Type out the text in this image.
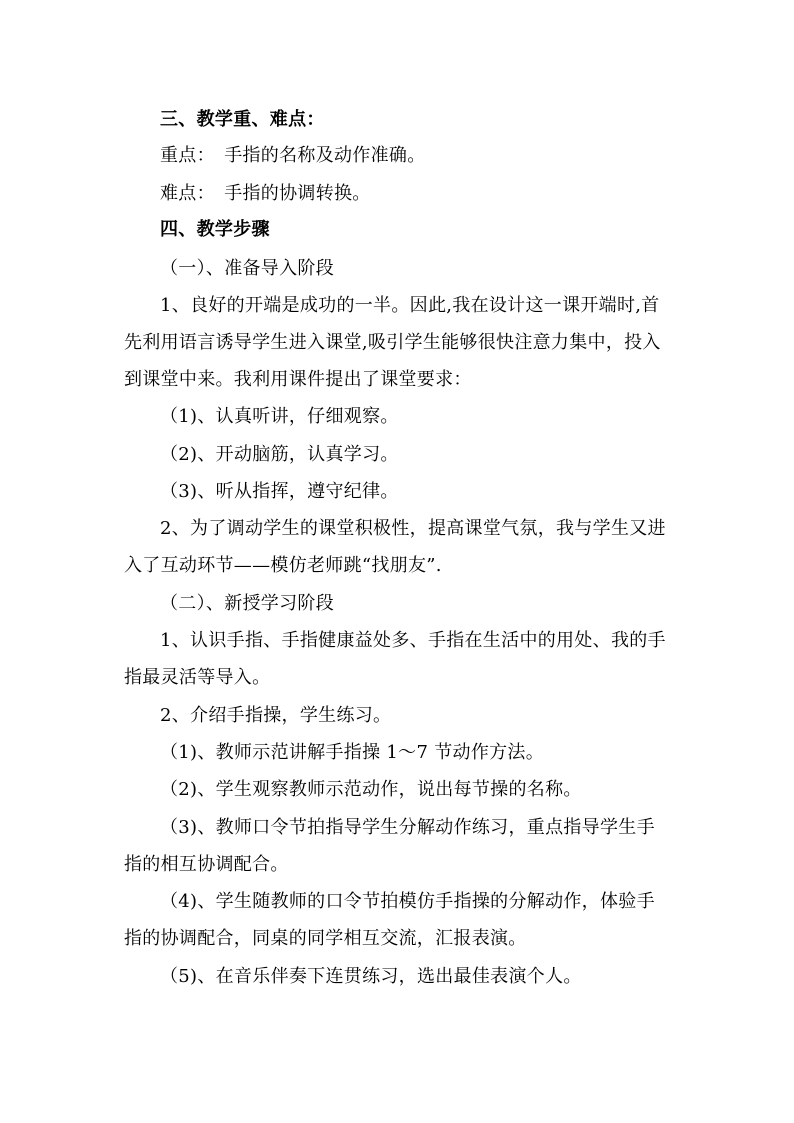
三、教学重、难点：
重点：　手指的名称及动作准确。
难点：　手指的协调转换。
四、教学步骤
（一）、准备导入阶段
1、良好的开端是成功的一半。因此,我在设计这一课开端时,首
先利用语言诱导学生进入课堂,吸引学生能够很快注意力集中，投入
到课堂中来。我利用课件提出了课堂要求：
（1)、认真听讲，仔细观察。
（2)、开动脑筋，认真学习。
（3)、听从指挥，遵守纪律。
2、为了调动学生的课堂积极性，提高课堂气氛，我与学生又进
入了互动环节——模仿老师跳“找朋友”.
（二）、新授学习阶段
1、认识手指、手指健康益处多、手指在生活中的用处、我的手
指最灵活等导入。
2、介绍手指操，学生练习。
（1)、教师示范讲解手指操 1～7 节动作方法。
（2)、学生观察教师示范动作，说出每节操的名称。
（3)、教师口令节拍指导学生分解动作练习，重点指导学生手
指的相互协调配合。
（4)、学生随教师的口令节拍模仿手指操的分解动作，体验手
指的协调配合，同桌的同学相互交流，汇报表演。
（5)、在音乐伴奏下连贯练习，选出最佳表演个人。
